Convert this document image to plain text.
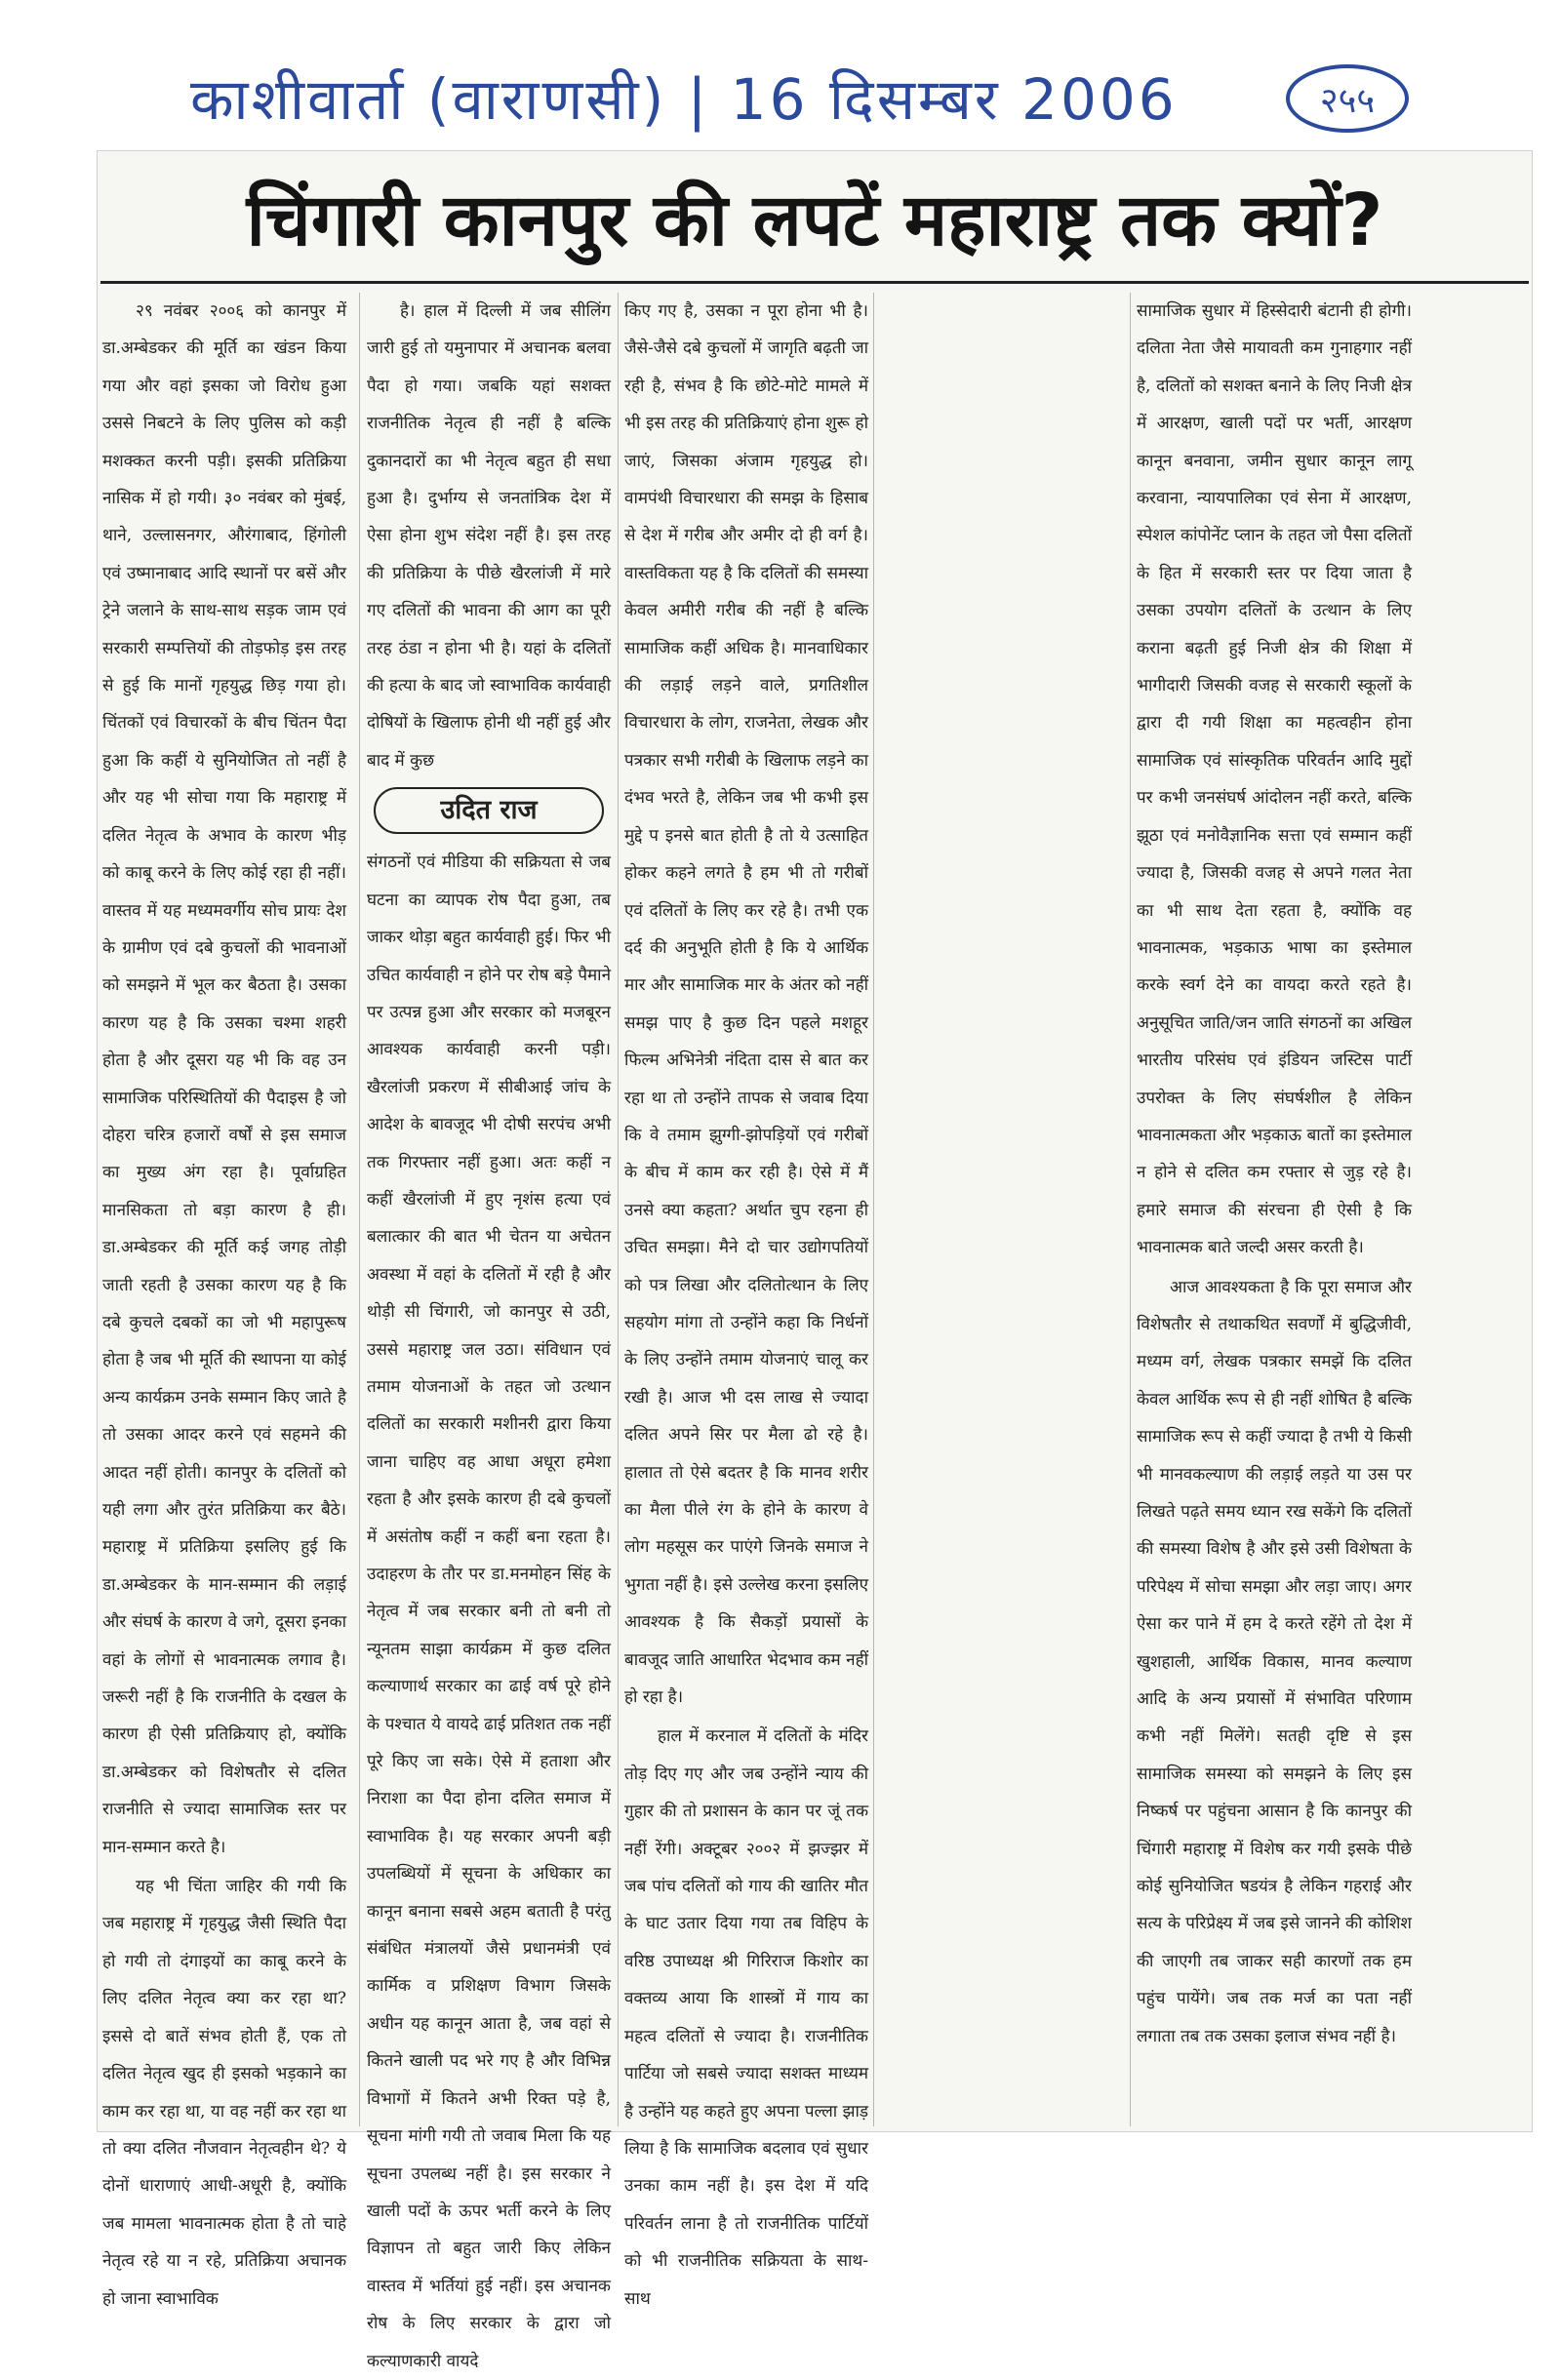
काशीवार्ता (वाराणसी) | 16 दिसम्बर 2006	२५५
चिंगारी कानपुर की लपटें महाराष्ट्र तक क्यों?

२९ नवंबर २००६ को कानपुर में डा.अम्बेडकर की मूर्ति का खंडन किया गया और वहां इसका जो विरोध हुआ उससे निबटने के लिए पुलिस को कड़ी मशक्कत करनी पड़ी। इसकी प्रतिक्रिया नासिक में हो गयी। ३० नवंबर को मुंबई, थाने, उल्लासनगर, औरंगाबाद, हिंगोली एवं उष्मानाबाद आदि स्थानों पर बसें और ट्रेने जलाने के साथ-साथ सड़क जाम एवं सरकारी सम्पत्तियों की तोड़फोड़ इस तरह से हुई कि मानों गृहयुद्ध छिड़ गया हो। चिंतकों एवं विचारकों के बीच चिंतन पैदा हुआ कि कहीं ये सुनियोजित तो नहीं है और यह भी सोचा गया कि महाराष्ट्र में दलित नेतृत्व के अभाव के कारण भीड़ को काबू करने के लिए कोई रहा ही नहीं। वास्तव में यह मध्यमवर्गीय सोच प्रायः देश के ग्रामीण एवं दबे कुचलों की भावनाओं को समझने में भूल कर बैठता है। उसका कारण यह है कि उसका चश्मा शहरी होता है और दूसरा यह भी कि वह उन सामाजिक परिस्थितियों की पैदाइस है जो दोहरा चरित्र हजारों वर्षों से इस समाज का मुख्य अंग रहा है। पूर्वाग्रहित मानसिकता तो बड़ा कारण है ही। डा.अम्बेडकर की मूर्ति कई जगह तोड़ी जाती रहती है उसका कारण यह है कि दबे कुचले दबकों का जो भी महापुरूष होता है जब भी मूर्ति की स्थापना या कोई अन्य कार्यक्रम उनके सम्मान किए जाते है तो उसका आदर करने एवं सहमने की आदत नहीं होती। कानपुर के दलितों को यही लगा और तुरंत प्रतिक्रिया कर बैठे। महाराष्ट्र में प्रतिक्रिया इसलिए हुई कि डा.अम्बेडकर के मान-सम्मान की लड़ाई और संघर्ष के कारण वे जगे, दूसरा इनका वहां के लोगों से भावनात्मक लगाव है। जरूरी नहीं है कि राजनीति के दखल के कारण ही ऐसी प्रतिक्रियाए हो, क्योंकि डा.अम्बेडकर को विशेषतौर से दलित राजनीति से ज्यादा सामाजिक स्तर पर मान-सम्मान करते है।

यह भी चिंता जाहिर की गयी कि जब महाराष्ट्र में गृहयुद्ध जैसी स्थिति पैदा हो गयी तो दंगाइयों का काबू करने के लिए दलित नेतृत्व क्या कर रहा था? इससे दो बातें संभव होती हैं, एक तो दलित नेतृत्व खुद ही इसको भड़काने का काम कर रहा था, या वह नहीं कर रहा था तो क्या दलित नौजवान नेतृत्वहीन थे? ये दोनों धाराणाएं आधी-अधूरी है, क्योंकि जब मामला भावनात्मक होता है तो चाहे नेतृत्व रहे या न रहे, प्रतिक्रिया अचानक हो जाना स्वाभाविक

है। हाल में दिल्ली में जब सीलिंग जारी हुई तो यमुनापार में अचानक बलवा पैदा हो गया। जबकि यहां सशक्त राजनीतिक नेतृत्व ही नहीं है बल्कि दुकानदारों का भी नेतृत्व बहुत ही सधा हुआ है। दुर्भाग्य से जनतांत्रिक देश में ऐसा होना शुभ संदेश नहीं है। इस तरह की प्रतिक्रिया के पीछे खैरलांजी में मारे गए दलितों की भावना की आग का पूरी तरह ठंडा न होना भी है। यहां के दलितों की हत्या के बाद जो स्वाभाविक कार्यवाही दोषियों के खिलाफ होनी थी नहीं हुई और बाद में कुछ

उदित राज

संगठनों एवं मीडिया की सक्रियता से जब घटना का व्यापक रोष पैदा हुआ, तब जाकर थोड़ा बहुत कार्यवाही हुई। फिर भी उचित कार्यवाही न होने पर रोष बड़े पैमाने पर उत्पन्न हुआ और सरकार को मजबूरन आवश्यक कार्यवाही करनी पड़ी। खैरलांजी प्रकरण में सीबीआई जांच के आदेश के बावजूद भी दोषी सरपंच अभी तक गिरफ्तार नहीं हुआ। अतः कहीं न कहीं खैरलांजी में हुए नृशंस हत्या एवं बलात्कार की बात भी चेतन या अचेतन अवस्था में वहां के दलितों में रही है और थोड़ी सी चिंगारी, जो कानपुर से उठी, उससे महाराष्ट्र जल उठा। संविधान एवं तमाम योजनाओं के तहत जो उत्थान दलितों का सरकारी मशीनरी द्वारा किया जाना चाहिए वह आधा अधूरा हमेशा रहता है और इसके कारण ही दबे कुचलों में असंतोष कहीं न कहीं बना रहता है। उदाहरण के तौर पर डा.मनमोहन सिंह के नेतृत्व में जब सरकार बनी तो बनी तो न्यूनतम साझा कार्यक्रम में कुछ दलित कल्याणार्थ सरकार का ढाई वर्ष पूरे होने के पश्चात ये वायदे ढाई प्रतिशत तक नहीं पूरे किए जा सके। ऐसे में हताशा और निराशा का पैदा होना दलित समाज में स्वाभाविक है। यह सरकार अपनी बड़ी उपलब्धियों में सूचना के अधिकार का कानून बनाना सबसे अहम बताती है परंतु संबंधित मंत्रालयों जैसे प्रधानमंत्री एवं कार्मिक व प्रशिक्षण विभाग जिसके अधीन यह कानून आता है, जब वहां से कितने खाली पद भरे गए है और विभिन्न विभागों में कितने अभी रिक्त पड़े है, सूचना मांगी गयी तो जवाब मिला कि यह सूचना उपलब्ध नहीं है। इस सरकार ने खाली पदों के ऊपर भर्ती करने के लिए विज्ञापन तो बहुत जारी किए लेकिन वास्तव में भर्तियां हुई नहीं। इस अचानक रोष के लिए सरकार के द्वारा जो कल्याणकारी वायदे

किए गए है, उसका न पूरा होना भी है। जैसे-जैसे दबे कुचलों में जागृति बढ़ती जा रही है, संभव है कि छोटे-मोटे मामले में भी इस तरह की प्रतिक्रियाएं होना शुरू हो जाएं, जिसका अंजाम गृहयुद्ध हो। वामपंथी विचारधारा की समझ के हिसाब से देश में गरीब और अमीर दो ही वर्ग है। वास्तविकता यह है कि दलितों की समस्या केवल अमीरी गरीब की नहीं है बल्कि सामाजिक कहीं अधिक है। मानवाधिकार की लड़ाई लड़ने वाले, प्रगतिशील विचारधारा के लोग, राजनेता, लेखक और पत्रकार सभी गरीबी के खिलाफ लड़ने का दंभव भरते है, लेकिन जब भी कभी इस मुद्दे प इनसे बात होती है तो ये उत्साहित होकर कहने लगते है हम भी तो गरीबों एवं दलितों के लिए कर रहे है। तभी एक दर्द की अनुभूति होती है कि ये आर्थिक मार और सामाजिक मार के अंतर को नहीं समझ पाए है कुछ दिन पहले मशहूर फिल्म अभिनेत्री नंदिता दास से बात कर रहा था तो उन्होंने तापक से जवाब दिया कि वे तमाम झुग्गी-झोपड़ियों एवं गरीबों के बीच में काम कर रही है। ऐसे में मैं उनसे क्या कहता? अर्थात चुप रहना ही उचित समझा। मैने दो चार उद्योगपतियों को पत्र लिखा और दलितोत्थान के लिए सहयोग मांगा तो उन्होंने कहा कि निर्धनों के लिए उन्होंने तमाम योजनाएं चालू कर रखी है। आज भी दस लाख से ज्यादा दलित अपने सिर पर मैला ढो रहे है। हालात तो ऐसे बदतर है कि मानव शरीर का मैला पीले रंग के होने के कारण वे लोग महसूस कर पाएंगे जिनके समाज ने भुगता नहीं है। इसे उल्लेख करना इसलिए आवश्यक है कि सैकड़ों प्रयासों के बावजूद जाति आधारित भेदभाव कम नहीं हो रहा है।

हाल में करनाल में दलितों के मंदिर तोड़ दिए गए और जब उन्होंने न्याय की गुहार की तो प्रशासन के कान पर जूं तक नहीं रेंगी। अक्टूबर २००२ में झज्झर में जब पांच दलितों को गाय की खातिर मौत के घाट उतार दिया गया तब विहिप के वरिष्ठ उपाध्यक्ष श्री गिरिराज किशोर का वक्तव्य आया कि शास्त्रों में गाय का महत्व दलितों से ज्यादा है। राजनीतिक पार्टिया जो सबसे ज्यादा सशक्त माध्यम है उन्होंने यह कहते हुए अपना पल्ला झाड़ लिया है कि सामाजिक बदलाव एवं सुधार उनका काम नहीं है। इस देश में यदि परिवर्तन लाना है तो राजनीतिक पार्टियों को भी राजनीतिक सक्रियता के साथ-साथ

सामाजिक सुधार में हिस्सेदारी बंटानी ही होगी। दलिता नेता जैसे मायावती कम गुनाहगार नहीं है, दलितों को सशक्त बनाने के लिए निजी क्षेत्र में आरक्षण, खाली पदों पर भर्ती, आरक्षण कानून बनवाना, जमीन सुधार कानून लागू करवाना, न्यायपालिका एवं सेना में आरक्षण, स्पेशल कांपोनेंट प्लान के तहत जो पैसा दलितों के हित में सरकारी स्तर पर दिया जाता है उसका उपयोग दलितों के उत्थान के लिए कराना बढ़ती हुई निजी क्षेत्र की शिक्षा में भागीदारी जिसकी वजह से सरकारी स्कूलों के द्वारा दी गयी शिक्षा का महत्वहीन होना सामाजिक एवं सांस्कृतिक परिवर्तन आदि मुद्दों पर कभी जनसंघर्ष आंदोलन नहीं करते, बल्कि झूठा एवं मनोवैज्ञानिक सत्ता एवं सम्मान कहीं ज्यादा है, जिसकी वजह से अपने गलत नेता का भी साथ देता रहता है, क्योंकि वह भावनात्मक, भड़काऊ भाषा का इस्तेमाल करके स्वर्ग देने का वायदा करते रहते है। अनुसूचित जाति/जन जाति संगठनों का अखिल भारतीय परिसंघ एवं इंडियन जस्टिस पार्टी उपरोक्त के लिए संघर्षशील है लेकिन भावनात्मकता और भड़काऊ बातों का इस्तेमाल न होने से दलित कम रफ्तार से जुड़ रहे है। हमारे समाज की संरचना ही ऐसी है कि भावनात्मक बाते जल्दी असर करती है।

आज आवश्यकता है कि पूरा समाज और विशेषतौर से तथाकथित सवर्णों में बुद्धिजीवी, मध्यम वर्ग, लेखक पत्रकार समझें कि दलित केवल आर्थिक रूप से ही नहीं शोषित है बल्कि सामाजिक रूप से कहीं ज्यादा है तभी ये किसी भी मानवकल्याण की लड़ाई लड़ते या उस पर लिखते पढ़ते समय ध्यान रख सकेंगे कि दलितों की समस्या विशेष है और इसे उसी विशेषता के परिपेक्ष्य में सोचा समझा और लड़ा जाए। अगर ऐसा कर पाने में हम दे करते रहेंगे तो देश में खुशहाली, आर्थिक विकास, मानव कल्याण आदि के अन्य प्रयासों में संभावित परिणाम कभी नहीं मिलेंगे। सतही दृष्टि से इस सामाजिक समस्या को समझने के लिए इस निष्कर्ष पर पहुंचना आसान है कि कानपुर की चिंगारी महाराष्ट्र में विशेष कर गयी इसके पीछे कोई सुनियोजित षडयंत्र है लेकिन गहराई और सत्य के परिप्रेक्ष्य में जब इसे जानने की कोशिश की जाएगी तब जाकर सही कारणों तक हम पहुंच पायेंगे। जब तक मर्ज का पता नहीं लगाता तब तक उसका इलाज संभव नहीं है।
